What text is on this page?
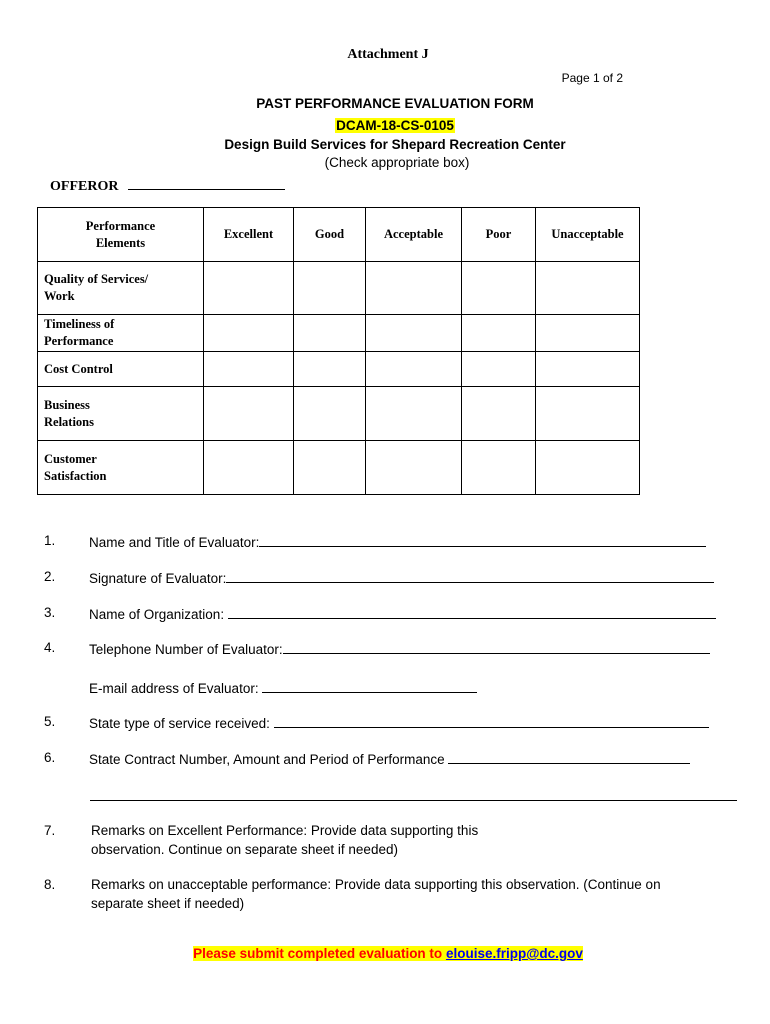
Attachment J
Page 1 of 2
PAST PERFORMANCE EVALUATION FORM
DCAM-18-CS-0105
Design Build Services for Shepard Recreation Center
(Check appropriate box)
OFFEROR
Performance
Elements	Excellent	Good	Acceptable	Poor	Unacceptable

Quality of Services/
Work					

Timeliness of
Performance					

Cost Control					

Business
Relations					

Customer
Satisfaction					

1. Name and Title of Evaluator:
2. Signature of Evaluator:
3. Name of Organization:
4. Telephone Number of Evaluator:
E-mail address of Evaluator:
5. State type of service received:
6. State Contract Number, Amount and Period of Performance
7.	Remarks on Excellent Performance: Provide data supporting this
observation. Continue on separate sheet if needed)
8.	Remarks on unacceptable performance: Provide data supporting this observation. (Continue on
separate sheet if needed)
Please submit completed evaluation to elouise.fripp@dc.gov
